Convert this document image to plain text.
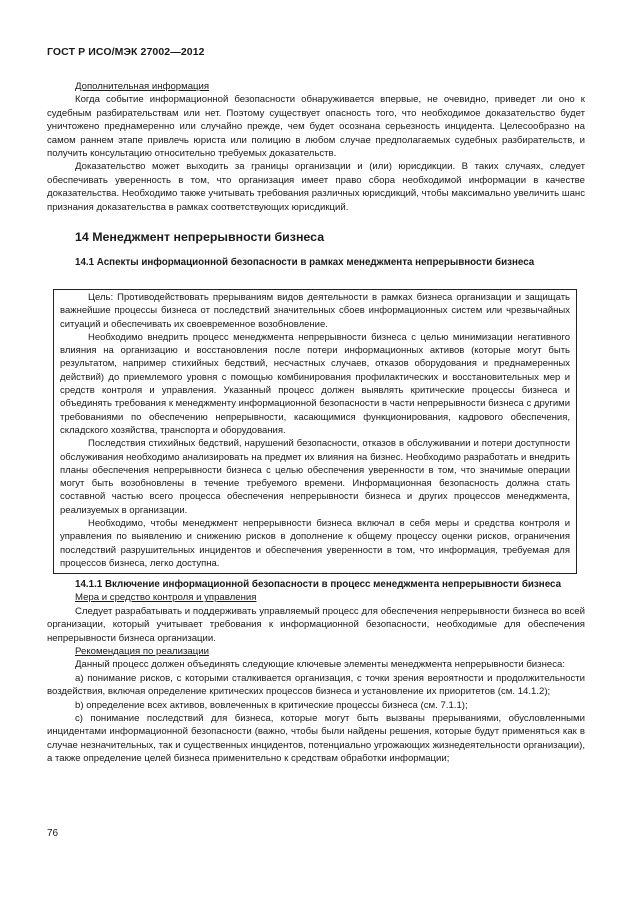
ГОСТ Р ИСО/МЭК 27002—2012

Дополнительная информация

Когда событие информационной безопасности обнаруживается впервые, не очевидно, приведет ли оно к судебным разбирательствам или нет. Поэтому существует опасность того, что необходимое доказательство будет уничтожено преднамеренно или случайно прежде, чем будет осознана серьезность инцидента. Целесообразно на самом раннем этапе привлечь юриста или полицию в любом случае предполагаемых судебных разбирательств, и получить консультацию относительно требуемых доказательств.

Доказательство может выходить за границы организации и (или) юрисдикции. В таких случаях, следует обеспечивать уверенность в том, что организация имеет право сбора необходимой информации в качестве доказательства. Необходимо также учитывать требования различных юрисдикций, чтобы максимально увеличить шанс признания доказательства в рамках соответствующих юрисдикций.

14 Менеджмент непрерывности бизнеса
14.1 Аспекты информационной безопасности в рамках менеджмента непрерывности бизнеса

Цель: Противодействовать прерываниям видов деятельности в рамках бизнеса организации и защищать важнейшие процессы бизнеса от последствий значительных сбоев информационных систем или чрезвычайных ситуаций и обеспечивать их своевременное возобновление.

Необходимо внедрить процесс менеджмента непрерывности бизнеса с целью минимизации негативного влияния на организацию и восстановления после потери информационных активов (которые могут быть результатом, например стихийных бедствий, несчастных случаев, отказов оборудования и преднамеренных действий) до приемлемого уровня с помощью комбинирования профилактических и восстановительных мер и средств контроля и управления. Указанный процесс должен выявлять критические процессы бизнеса и объединять требования к менеджменту информационной безопасности в части непрерывности бизнеса с другими требованиями по обеспечению непрерывности, касающимися функционирования, кадрового обеспечения, складского хозяйства, транспорта и оборудования.

Последствия стихийных бедствий, нарушений безопасности, отказов в обслуживании и потери доступности обслуживания необходимо анализировать на предмет их влияния на бизнес. Необходимо разработать и внедрить планы обеспечения непрерывности бизнеса с целью обеспечения уверенности в том, что значимые операции могут быть возобновлены в течение требуемого времени. Информационная безопасность должна стать составной частью всего процесса обеспечения непрерывности бизнеса и других процессов менеджмента, реализуемых в организации.

Необходимо, чтобы менеджмент непрерывности бизнеса включал в себя меры и средства контроля и управления по выявлению и снижению рисков в дополнение к общему процессу оценки рисков, ограничения последствий разрушительных инцидентов и обеспечения уверенности в том, что информация, требуемая для процессов бизнеса, легко доступна.

14.1.1 Включение информационной безопасности в процесс менеджмента непрерывности бизнеса

Мера и средство контроля и управления

Следует разрабатывать и поддерживать управляемый процесс для обеспечения непрерывности бизнеса во всей организации, который учитывает требования к информационной безопасности, необходимые для обеспечения непрерывности бизнеса организации.

Рекомендация по реализации

Данный процесс должен объединять следующие ключевые элементы менеджмента непрерывности бизнеса:

a) понимание рисков, с которыми сталкивается организация, с точки зрения вероятности и продолжительности воздействия, включая определение критических процессов бизнеса и установление их приоритетов (см. 14.1.2);

b) определение всех активов, вовлеченных в критические процессы бизнеса (см. 7.1.1);

c) понимание последствий для бизнеса, которые могут быть вызваны прерываниями, обусловленными инцидентами информационной безопасности (важно, чтобы были найдены решения, которые будут применяться как в случае незначительных, так и существенных инцидентов, потенциально угрожающих жизнедеятельности организации), а также определение целей бизнеса применительно к средствам обработки информации;

76
